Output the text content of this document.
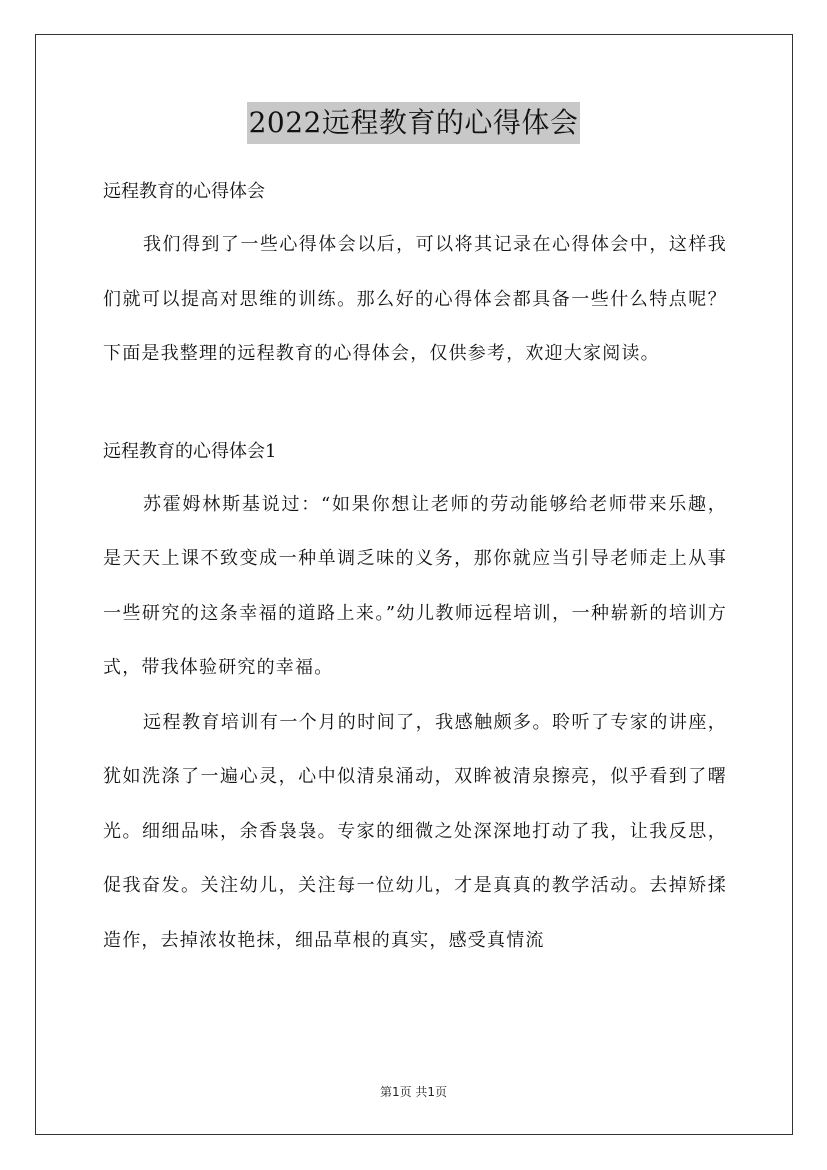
2022远程教育的心得体会

远程教育的心得体会

我们得到了一些心得体会以后，可以将其记录在心得体会中，这样我们就可以提高对思维的训练。那么好的心得体会都具备一些什么特点呢？下面是我整理的远程教育的心得体会，仅供参考，欢迎大家阅读。

远程教育的心得体会1

苏霍姆林斯基说过：“如果你想让老师的劳动能够给老师带来乐趣，是天天上课不致变成一种单调乏味的义务，那你就应当引导老师走上从事一些研究的这条幸福的道路上来。”幼儿教师远程培训，一种崭新的培训方式，带我体验研究的幸福。

远程教育培训有一个月的时间了，我感触颇多。聆听了专家的讲座，犹如洗涤了一遍心灵，心中似清泉涌动，双眸被清泉擦亮，似乎看到了曙光。细细品味，余香袅袅。专家的细微之处深深地打动了我，让我反思，促我奋发。关注幼儿，关注每一位幼儿，才是真真的教学活动。去掉矫揉造作，去掉浓妆艳抹，细品草根的真实，感受真情流

第1页 共1页
